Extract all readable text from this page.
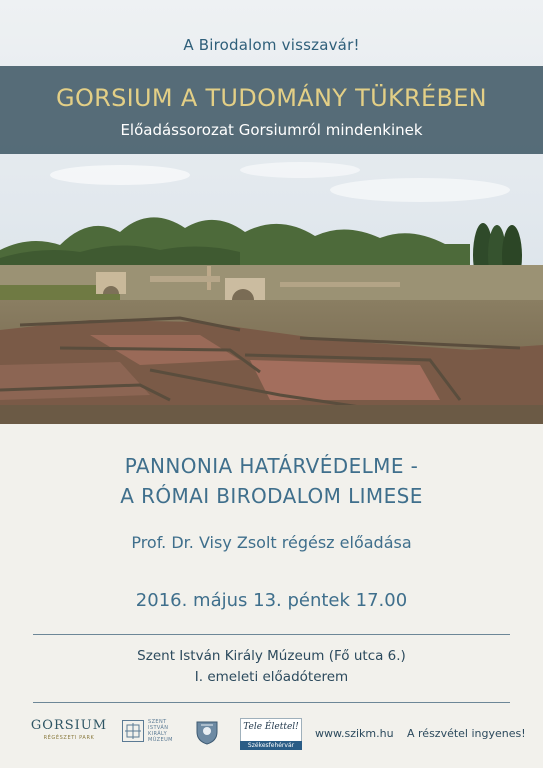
A Birodalom visszavár!
GORSIUM A TUDOMÁNY TÜKRÉBEN
Előadássorozat Gorsiumról mindenkinek
PANNONIA HATÁRVÉDELME -
A RÓMAI BIRODALOM LIMESE
Prof. Dr. Visy Zsolt régész előadása
2016. május 13. péntek 17.00
Szent István Király Múzeum (Fő utca 6.)
I. emeleti előadóterem
GORSIUM
RÉGÉSZETI PARK
SZENT
ISTVÁN
KIRÁLY
MÚZEUM
Tele Élettel!
Székesfehérvár
www.szikm.hu A részvétel ingyenes!
